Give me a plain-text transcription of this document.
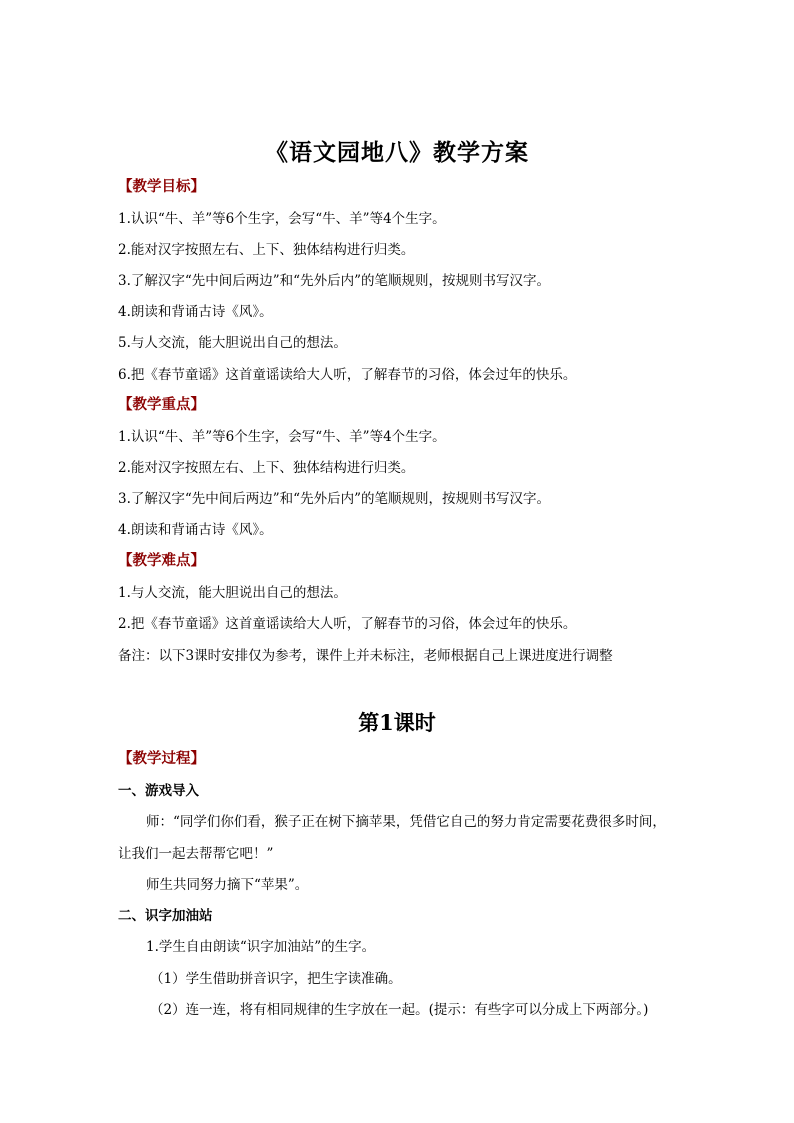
《语文园地八》教学方案
【教学目标】
1.认识“牛、羊”等6个生字，会写“牛、羊”等4个生字。
2.能对汉字按照左右、上下、独体结构进行归类。
3.了解汉字“先中间后两边”和“先外后内”的笔顺规则，按规则书写汉字。
4.朗读和背诵古诗《风》。
5.与人交流，能大胆说出自己的想法。
6.把《春节童谣》这首童谣读给大人听，了解春节的习俗，体会过年的快乐。
【教学重点】
1.认识“牛、羊”等6个生字，会写“牛、羊”等4个生字。
2.能对汉字按照左右、上下、独体结构进行归类。
3.了解汉字“先中间后两边”和“先外后内”的笔顺规则，按规则书写汉字。
4.朗读和背诵古诗《风》。
【教学难点】
1.与人交流，能大胆说出自己的想法。
2.把《春节童谣》这首童谣读给大人听，了解春节的习俗，体会过年的快乐。
备注：以下3课时安排仅为参考，课件上并未标注，老师根据自己上课进度进行调整
第1课时
【教学过程】
一、游戏导入
师：“同学们你们看，猴子正在树下摘苹果，凭借它自己的努力肯定需要花费很多时间，
让我们一起去帮帮它吧！”
师生共同努力摘下“苹果”。
二、识字加油站
1.学生自由朗读“识字加油站”的生字。
（1）学生借助拼音识字，把生字读准确。
（2）连一连，将有相同规律的生字放在一起。(提示：有些字可以分成上下两部分。)
